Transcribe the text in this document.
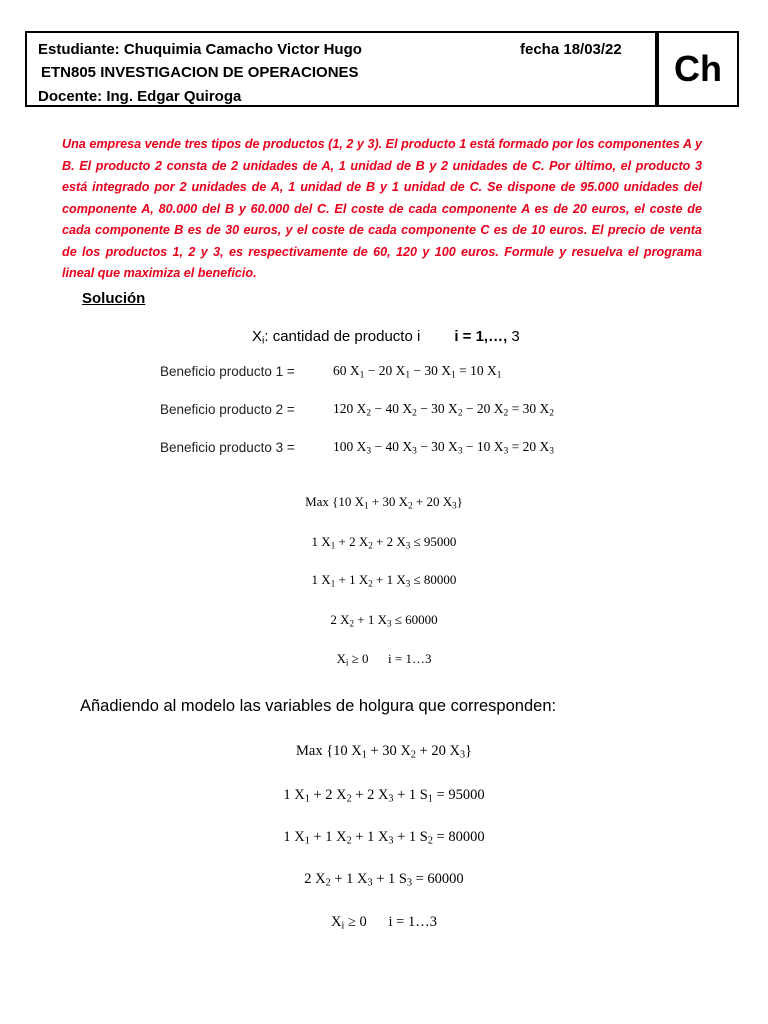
Estudiante: Chuquimia Camacho Victor Hugo
ETN805 INVESTIGACION DE OPERACIONES
Docente: Ing. Edgar Quiroga
fecha 18/03/22 Ch

Una empresa vende tres tipos de productos (1, 2 y 3). El producto 1 está formado por los componentes A y B. El producto 2 consta de 2 unidades de A, 1 unidad de B y 2 unidades de C. Por último, el producto 3 está integrado por 2 unidades de A, 1 unidad de B y 1 unidad de C. Se dispone de 95.000 unidades del componente A, 80.000 del B y 60.000 del C. El coste de cada componente A es de 20 euros, el coste de cada componente B es de 30 euros, y el coste de cada componente C es de 10 euros. El precio de venta de los productos 1, 2 y 3, es respectivamente de 60, 120 y 100 euros. Formule y resuelva el programa lineal que maximiza el beneficio.

Solución
$X_i$: cantidad de producto i i = 1,…, 3
Beneficio producto 1 =	60 $X_1 - 20$ $X_1 - 30$ $X_1 = 10$ $X_1$
Beneficio producto 2 =	120 $X_2 - 40$ $X_2 - 30$ $X_2 - 20$ $X_2 = 30$ $X_2$
Beneficio producto 3 =	100 $X_3 - 40$ $X_3 - 30$ $X_3 - 10$ $X_3 = 20$ $X_3$
Max {10 $X_1 + 30$ $X_2 + 20$ $X_3$}
1 $X_1 + 2$ $X_2 + 2$ $X_3 \le 95000$
1 $X_1 + 1$ $X_2 + 1$ $X_3 \le 80000$
2 $X_2 + 1$ $X_3 \le 60000$
$X_i \ge 0$      i = 1…3
Añadiendo al modelo las variables de holgura que corresponden:
Max {10 $X_1 + 30$ $X_2 + 20$ $X_3$}
1 $X_1 + 2$ $X_2 + 2$ $X_3 + 1$ $S_1 = 95000$
1 $X_1 + 1$ $X_2 + 1$ $X_3 + 1$ $S_2 = 80000$
2 $X_2 + 1$ $X_3 + 1$ $S_3 = 60000$
$X_i \ge 0$      i = 1…3
